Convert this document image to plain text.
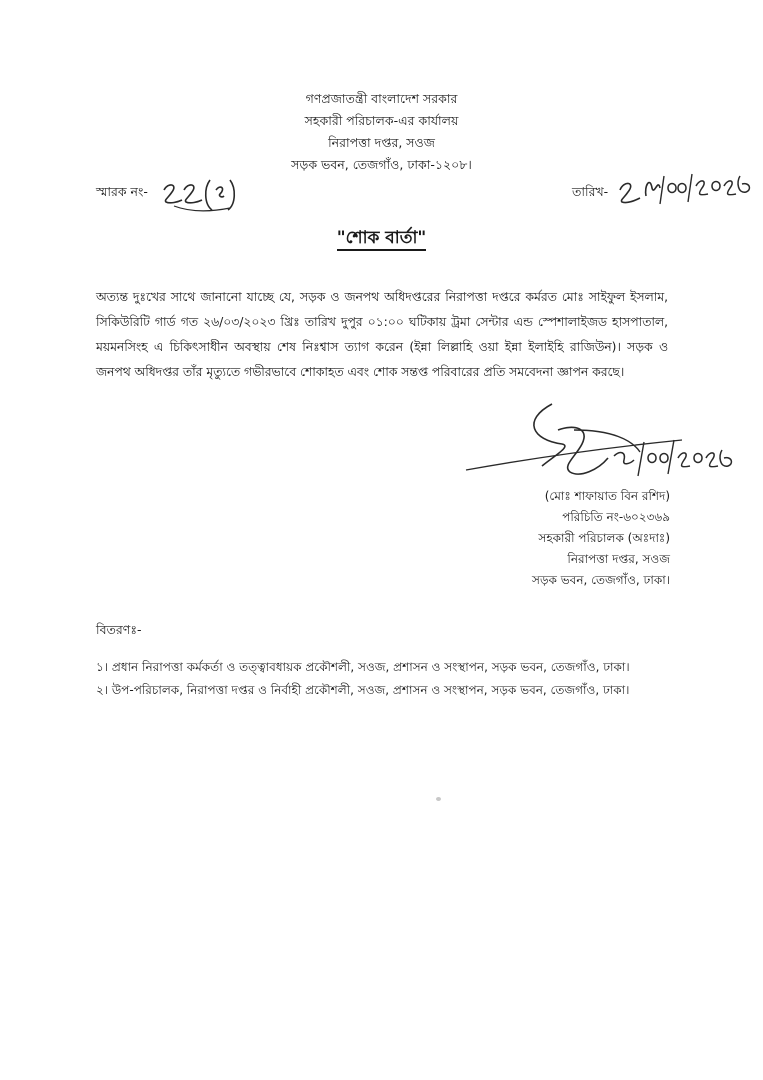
গণপ্রজাতন্ত্রী বাংলাদেশ সরকার
সহকারী পরিচালক-এর কার্যালয়
নিরাপত্তা দপ্তর, সওজ
সড়ক ভবন, তেজগাঁও, ঢাকা-১২০৮।
স্মারক নং-	তারিখ-
"শোক বার্তা"
অত্যন্ত দুঃখের সাথে জানানো যাচ্ছে যে, সড়ক ও জনপথ অধিদপ্তরের নিরাপত্তা দপ্তরে কর্মরত মোঃ সাইফুল ইসলাম, সিকিউরিটি গার্ড গত ২৬/০৩/২০২৩ খ্রিঃ তারিখ দুপুর ০১:০০ ঘটিকায় ট্রমা সেন্টার এন্ড স্পেশালাইজড হাসপাতাল, ময়মনসিংহ এ চিকিৎসাধীন অবস্থায় শেষ নিঃশ্বাস ত্যাগ করেন (ইন্না লিল্লাহি ওয়া ইন্না ইলাইহি রাজিউন)। সড়ক ও জনপথ অধিদপ্তর তাঁর মৃত্যুতে গভীরভাবে শোকাহত এবং শোক সন্তপ্ত পরিবারের প্রতি সমবেদনা জ্ঞাপন করছে।
(মোঃ শাফায়াত বিন রশিদ)
পরিচিতি নং-৬০২৩৬৯
সহকারী পরিচালক (অঃদাঃ)
নিরাপত্তা দপ্তর, সওজ
সড়ক ভবন, তেজগাঁও, ঢাকা।
বিতরণঃ-
১। প্রধান নিরাপত্তা কর্মকর্তা ও তত্ত্বাবধায়ক প্রকৌশলী, সওজ, প্রশাসন ও সংস্থাপন, সড়ক ভবন, তেজগাঁও, ঢাকা।
২। উপ-পরিচালক, নিরাপত্তা দপ্তর ও নির্বাহী প্রকৌশলী, সওজ, প্রশাসন ও সংস্থাপন, সড়ক ভবন, তেজগাঁও, ঢাকা।
